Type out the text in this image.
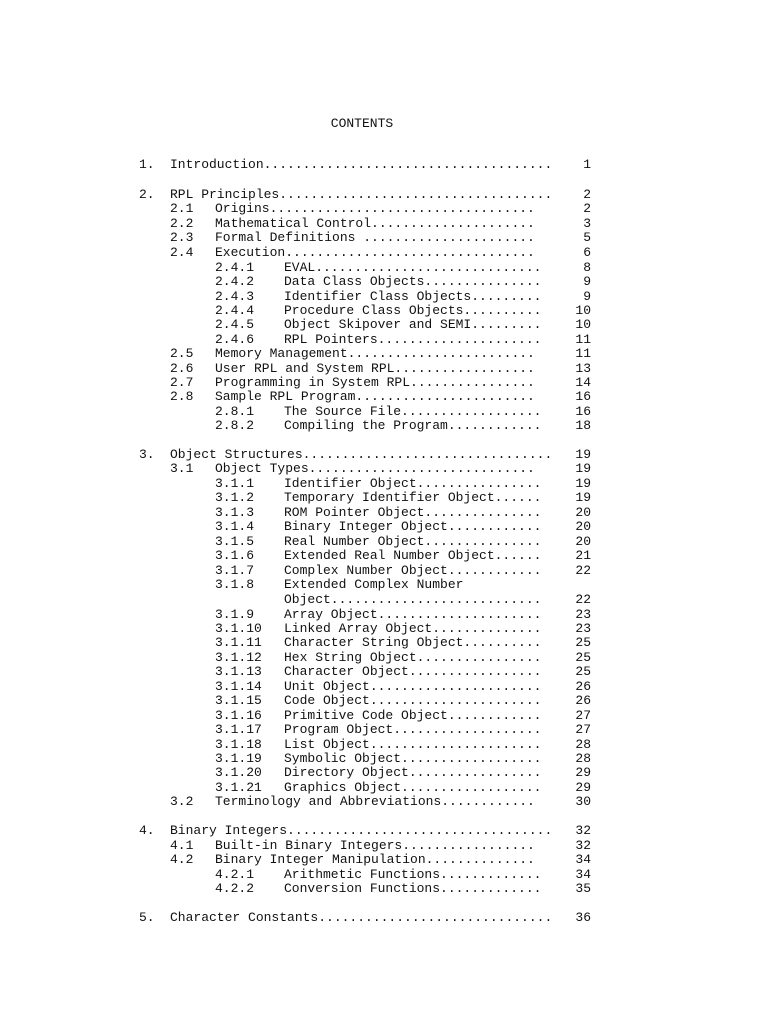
CONTENTS
1. Introduction..................................... 1
2. RPL Principles................................... 2
2.1 Origins..................................	2
2.2 Mathematical Control.....................	3
2.3 Formal Definitions ......................	5
2.4 Execution................................	6
2.4.1 EVAL.............................	8
2.4.2 Data Class Objects...............	9
2.4.3 Identifier Class Objects.........	9
2.4.4 Procedure Class Objects..........	10
2.4.5 Object Skipover and SEMI.........	10
2.4.6 RPL Pointers.....................	11
2.5 Memory Management........................	11
2.6 User RPL and System RPL..................	13
2.7 Programming in System RPL................	14
2.8 Sample RPL Program.......................	16
2.8.1 The Source File..................	16
2.8.2 Compiling the Program............	18
3. Object Structures................................ 19
3.1 Object Types.............................	19
3.1.1 Identifier Object................	19
3.1.2 Temporary Identifier Object......	19
3.1.3 ROM Pointer Object...............	20
3.1.4 Binary Integer Object............	20
3.1.5 Real Number Object...............	20
3.1.6 Extended Real Number Object......	21
3.1.7 Complex Number Object............	22
3.1.8 Extended Complex Number
Object...........................	22
3.1.9 Array Object.....................	23
3.1.10 Linked Array Object..............	23
3.1.11 Character String Object..........	25
3.1.12 Hex String Object................	25
3.1.13 Character Object.................	25
3.1.14 Unit Object......................	26
3.1.15 Code Object......................	26
3.1.16 Primitive Code Object............	27
3.1.17 Program Object...................	27
3.1.18 List Object......................	28
3.1.19 Symbolic Object..................	28
3.1.20 Directory Object.................	29
3.1.21 Graphics Object..................	29
3.2 Terminology and Abbreviations............	30
4. Binary Integers.................................. 32
4.1 Built-in Binary Integers.................	32
4.2 Binary Integer Manipulation..............	34
4.2.1 Arithmetic Functions.............	34
4.2.2 Conversion Functions.............	35
5. Character Constants.............................. 36
